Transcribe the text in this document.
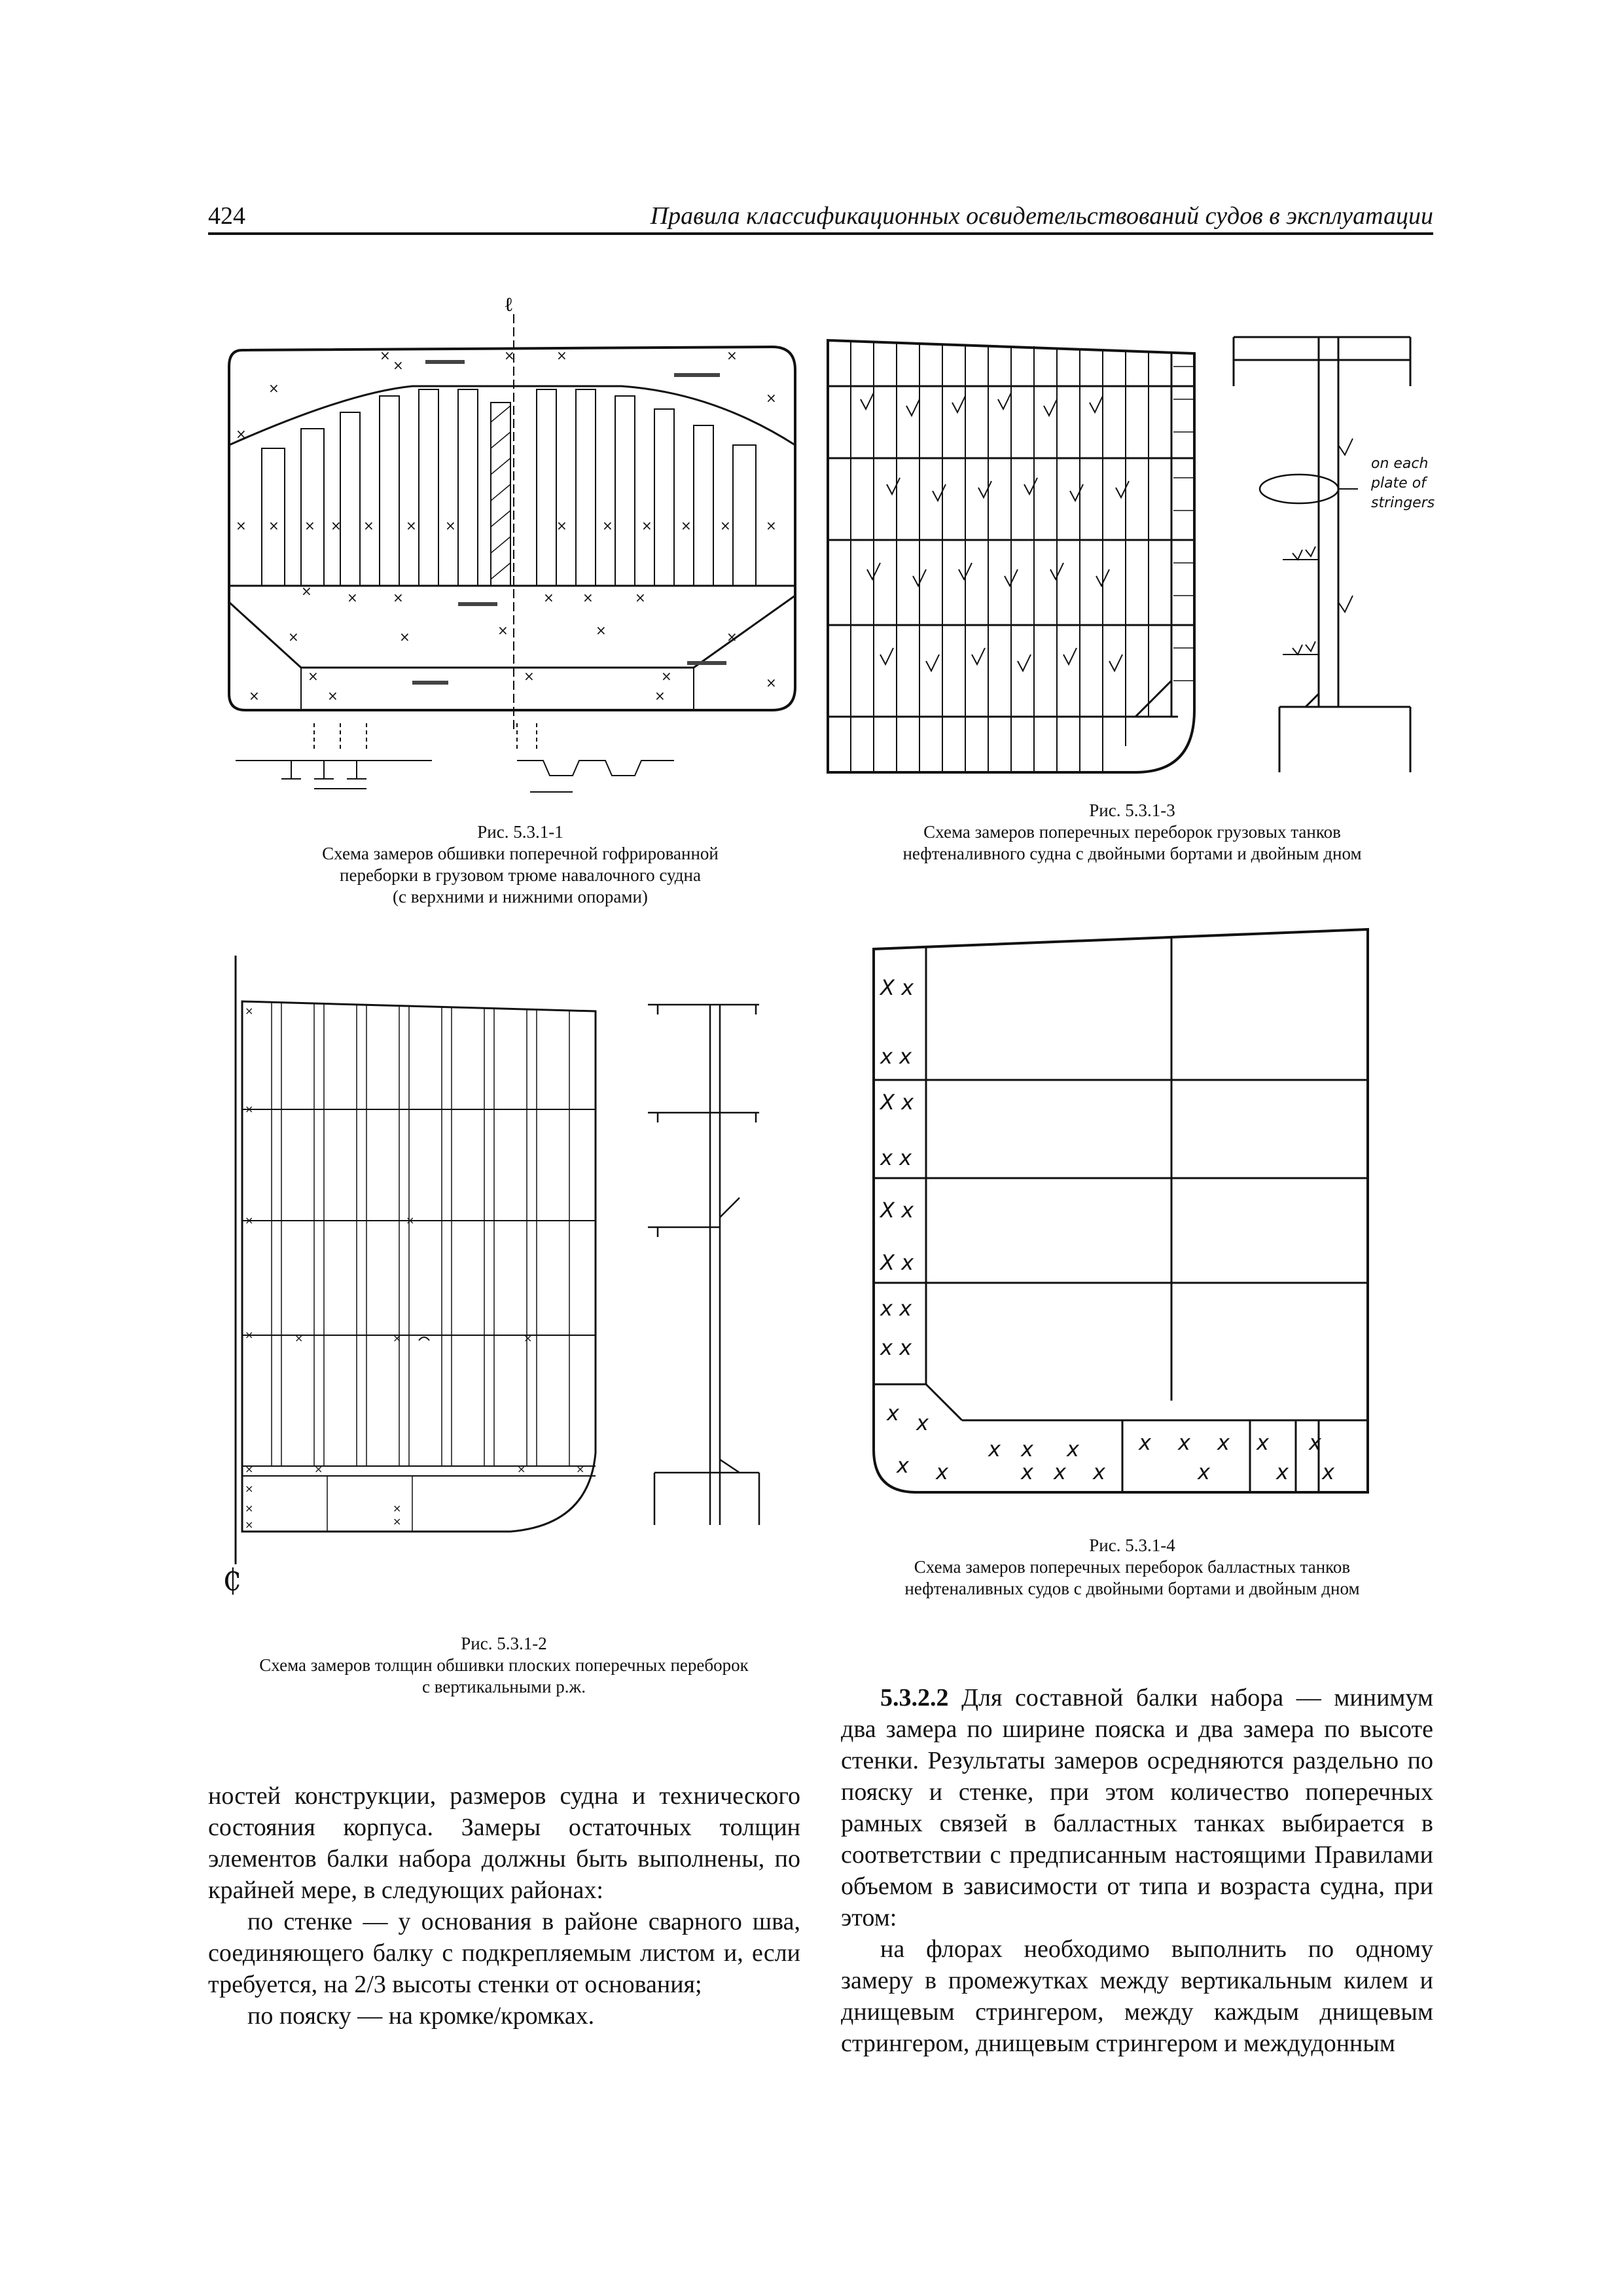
424	Правила классификационных освидетельствований судов в эксплуатации
ℓ
×
×
×
×	×	×
×
×
× × × × × × ×	×	× × × ×	×
×	×	×	× ×	×
×	×	×
×	×
×	×	×
×
×
×
×
Рис. 5.3.1-1
Схема замеров обшивки поперечной гофрированной
переборки в грузовом трюме навалочного судна
(с верхними и нижними опорами)
on each
plate of
stringers
Рис. 5.3.1-3
Схема замеров поперечных переборок грузовых танков
нефтеналивного судна с двойными бортами и двойным дном
₵
×
×
×
×
×
×
×
×
×
×
×
×
×	×
×
×
×
Рис. 5.3.1-2
Схема замеров толщин обшивки плоских поперечных переборок
с вертикальными р.ж.
Х х
х х
Х х
х х
Х х
Х х
х х
х х
х х
х х
х х х	х х х
х х х	х
х х
х х
Рис. 5.3.1-4
Схема замеров поперечных переборок балластных танков
нефтеналивных судов с двойными бортами и двойным дном

ностей конструкции, размеров судна и технического состояния корпуса. Замеры остаточных толщин элементов балки набора должны быть выполнены, по крайней мере, в следующих районах:

по стенке — у основания в районе сварного шва, соединяющего балку с подкрепляемым листом и, если требуется, на 2/3 высоты стенки от основания;

по пояску — на кромке/кромках.

5.3.2.2 Для составной балки набора — минимум два замера по ширине пояска и два замера по высоте стенки. Результаты замеров осредняются раздельно по пояску и стенке, при этом количество поперечных рамных связей в балластных танках выбирается в соответствии с предписанным настоящими Правилами объемом в зависимости от типа и возраста судна, при этом:

на флорах необходимо выполнить по одному замеру в промежутках между вертикальным килем и днищевым стрингером, между каждым днищевым стрингером, днищевым стрингером и междудонным
